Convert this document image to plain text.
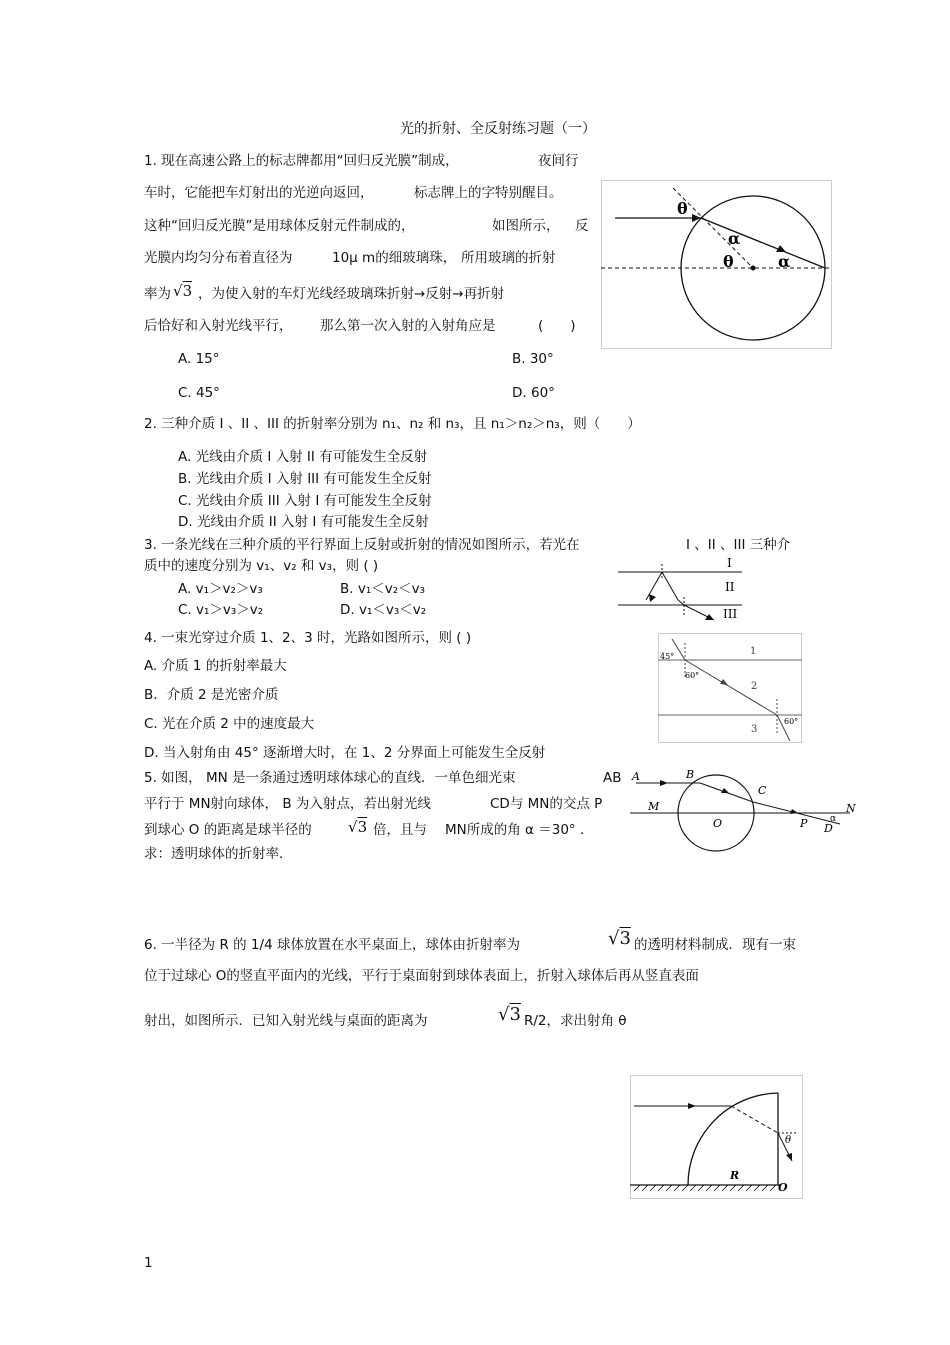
光的折射、全反射练习题（一）
1. 现在高速公路上的标志牌都用“回归反光膜”制成，	夜间行
车时，它能把车灯射出的光逆向返回，	标志牌上的字特别醒目。
这种“回归反光膜”是用球体反射元件制成的，	如图所示， 反
光膜内均匀分布着直径为	10μ m的细玻璃珠， 所用玻璃的折射
率为 √3 ，为使入射的车灯光线经玻璃珠折射→反射→再折射
后恰好和入射光线平行， 那么第一次入射的入射角应是	(　　)
A. 15°	B. 30°
C. 45°	D. 60°
θ
α
θ	α
2. 三种介质 I 、II 、III 的折射率分别为 n₁、n₂ 和 n₃，且 n₁＞n₂＞n₃，则（　　）
A. 光线由介质 I 入射 II 有可能发生全反射
B. 光线由介质 I 入射 III 有可能发生全反射
C. 光线由介质 III 入射 I 有可能发生全反射
D. 光线由介质 II 入射 I 有可能发生全反射
3. 一条光线在三种介质的平行界面上反射或折射的情况如图所示，若光在	I 、II 、III 三种介
质中的速度分别为 v₁、v₂ 和 v₃，则 ( )
A. v₁＞v₂＞v₃	B. v₁＜v₂＜v₃
C. v₁＞v₃＞v₂	D. v₁＜v₃＜v₂
I
II
III
4. 一束光穿过介质 1、2、3 时，光路如图所示，则 ( )
A. 介质 1 的折射率最大
B．介质 2 是光密介质
C. 光在介质 2 中的速度最大
D. 当入射角由 45° 逐渐增大时，在 1、2 分界面上可能发生全反射
45°
60°
60°
1
2
3
5. 如图， MN 是一条通过透明球体球心的直线．一单色细光束	AB
平行于 MN射向球体， B 为入射点，若出射光线	CD与 MN的交点 P
到球心 O 的距离是球半径的 √3 倍，且与 MN所成的角 α ＝30° ．
求：透明球体的折射率．
A	B
C
M	N
O	P D
α
6. 一半径为 R 的 1/4 球体放置在水平桌面上，球体由折射率为	√3 的透明材料制成．现有一束
位于过球心 O的竖直平面内的光线，平行于桌面射到球体表面上，折射入球体后再从竖直表面
射出，如图所示．已知入射光线与桌面的距离为	√3 R/2，求出射角 θ
θ
R
O
1
